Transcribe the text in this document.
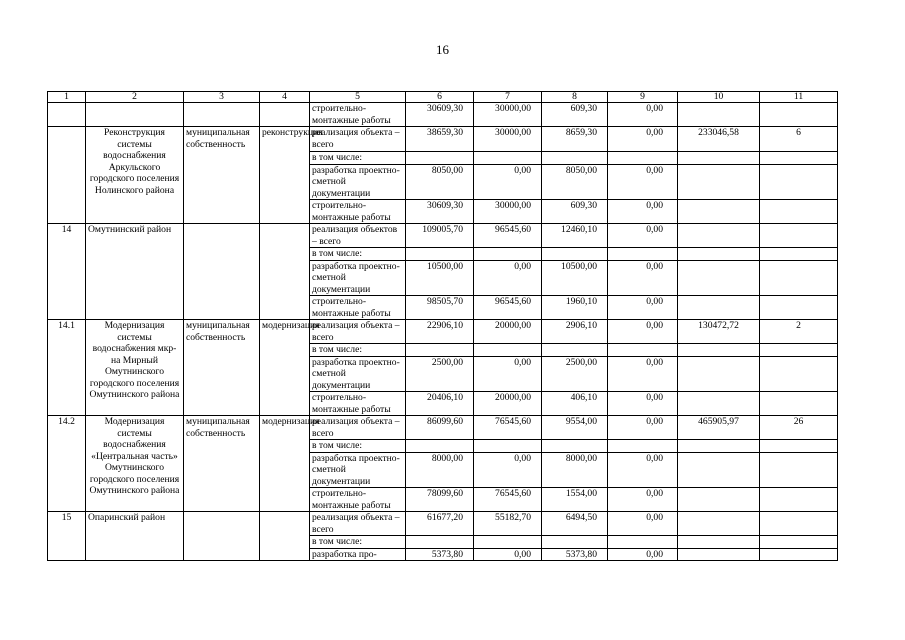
16
1	2	3	4	5	6	7	8	9	10	11
				строительно-монтажные работы	30609,30	30000,00	609,30	0,00		
	Реконструкция системы водоснабжения Аркульского городского поселения Нолинского района	муниципальная собственность	реконструкция	реализация объекта – всего	38659,30	30000,00	8659,30	0,00	233046,58	6
				в том числе:						
				разработка проектно-сметной документации	8050,00	0,00	8050,00	0,00		
				строительно-монтажные работы	30609,30	30000,00	609,30	0,00		
14	Омутнинский район			реализация объектов – всего	109005,70	96545,60	12460,10	0,00		
				в том числе:						
				разработка проектно-сметной документации	10500,00	0,00	10500,00	0,00		
				строительно-монтажные работы	98505,70	96545,60	1960,10	0,00		
14.1	Модернизация системы водоснабжения мкр-на Мирный Омутнинского городского поселения Омутнинского района	муниципальная собственность	модернизация	реализация объекта – всего	22906,10	20000,00	2906,10	0,00	130472,72	2
				в том числе:						
				разработка проектно-сметной документации	2500,00	0,00	2500,00	0,00		
				строительно-монтажные работы	20406,10	20000,00	406,10	0,00		
14.2	Модернизация системы водоснабжения «Центральная часть» Омутнинского городского поселения Омутнинского района	муниципальная собственность	модернизация	реализация объекта – всего	86099,60	76545,60	9554,00	0,00	465905,97	26
				в том числе:						
				разработка проектно-сметной документации	8000,00	0,00	8000,00	0,00		
				строительно-монтажные работы	78099,60	76545,60	1554,00	0,00		
15	Опаринский район			реализация объекта – всего	61677,20	55182,70	6494,50	0,00		
				в том числе:						
				разработка про-	5373,80	0,00	5373,80	0,00		
